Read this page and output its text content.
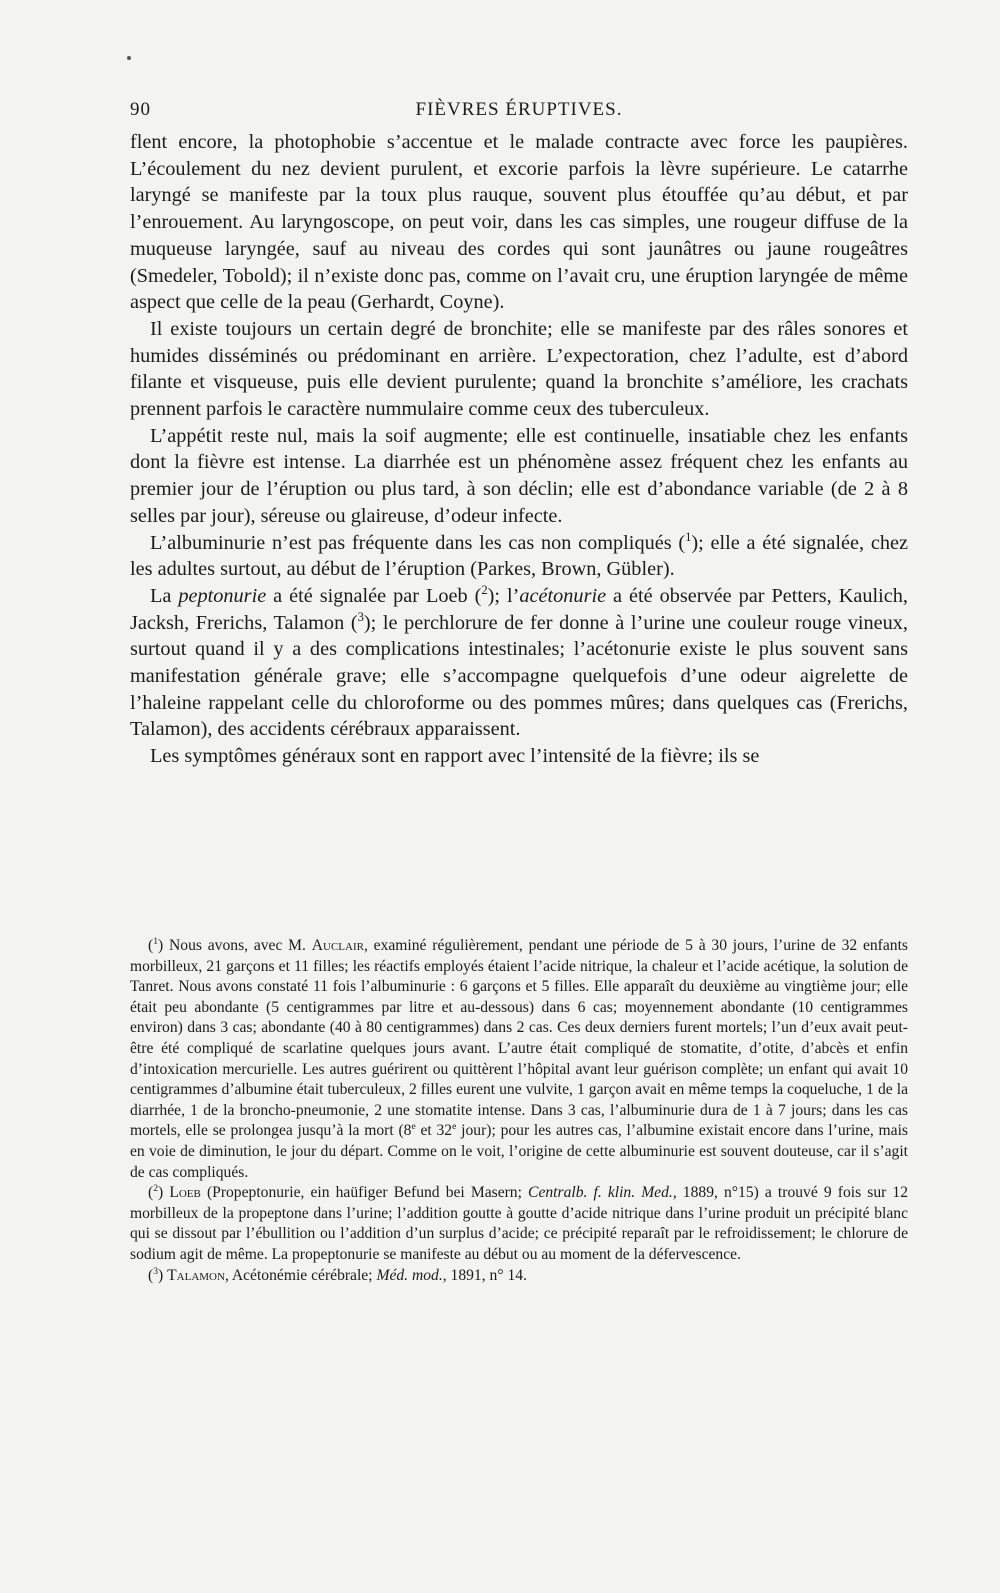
90	FIÈVRES ÉRUPTIVES.

flent encore, la photophobie s’accentue et le malade contracte avec force les paupières. L’écoulement du nez devient purulent, et excorie parfois la lèvre supérieure. Le catarrhe laryngé se manifeste par la toux plus rauque, souvent plus étouffée qu’au début, et par l’enrouement. Au laryngoscope, on peut voir, dans les cas simples, une rougeur diffuse de la muqueuse laryngée, sauf au niveau des cordes qui sont jaunâtres ou jaune rougeâtres (Smedeler, Tobold); il n’existe donc pas, comme on l’avait cru, une éruption laryngée de même aspect que celle de la peau (Gerhardt, Coyne).

Il existe toujours un certain degré de bronchite; elle se manifeste par des râles sonores et humides disséminés ou prédominant en arrière. L’expectoration, chez l’adulte, est d’abord filante et visqueuse, puis elle devient purulente; quand la bronchite s’améliore, les crachats prennent parfois le caractère nummulaire comme ceux des tuberculeux.

L’appétit reste nul, mais la soif augmente; elle est continuelle, insatiable chez les enfants dont la fièvre est intense. La diarrhée est un phénomène assez fréquent chez les enfants au premier jour de l’éruption ou plus tard, à son déclin; elle est d’abondance variable (de 2 à 8 selles par jour), séreuse ou glaireuse, d’odeur infecte.

L’albuminurie n’est pas fréquente dans les cas non compliqués ($^1$); elle a été signalée, chez les adultes surtout, au début de l’éruption (Parkes, Brown, Gübler).

La peptonurie a été signalée par Loeb ($^2$); l’acétonurie a été observée par Petters, Kaulich, Jacksh, Frerichs, Talamon ($^3$); le perchlorure de fer donne à l’urine une couleur rouge vineux, surtout quand il y a des complications intestinales; l’acétonurie existe le plus souvent sans manifestation générale grave; elle s’accompagne quelquefois d’une odeur aigrelette de l’haleine rappelant celle du chloroforme ou des pommes mûres; dans quelques cas (Frerichs, Talamon), des accidents cérébraux apparaissent.

Les symptômes généraux sont en rapport avec l’intensité de la fièvre; ils se

($^1$) Nous avons, avec M. Auclair, examiné régulièrement, pendant une période de 5 à 30 jours, l’urine de 32 enfants morbilleux, 21 garçons et 11 filles; les réactifs employés étaient l’acide nitrique, la chaleur et l’acide acétique, la solution de Tanret. Nous avons constaté 11 fois l’albuminurie : 6 garçons et 5 filles. Elle apparaît du deuxième au vingtième jour; elle était peu abondante (5 centigrammes par litre et au-dessous) dans 6 cas; moyennement abondante (10 centigrammes environ) dans 3 cas; abondante (40 à 80 centigrammes) dans 2 cas. Ces deux derniers furent mortels; l’un d’eux avait peut-être été compliqué de scarlatine quelques jours avant. L’autre était compliqué de stomatite, d’otite, d’abcès et enfin d’intoxication mercurielle. Les autres guérirent ou quittèrent l’hôpital avant leur guérison complète; un enfant qui avait 10 centigrammes d’albumine était tuberculeux, 2 filles eurent une vulvite, 1 garçon avait en même temps la coqueluche, 1 de la diarrhée, 1 de la broncho-pneumonie, 2 une stomatite intense. Dans 3 cas, l’albuminurie dura de 1 à 7 jours; dans les cas mortels, elle se prolongea jusqu’à la mort (8e et 32e jour); pour les autres cas, l’albumine existait encore dans l’urine, mais en voie de diminution, le jour du départ. Comme on le voit, l’origine de cette albuminurie est souvent douteuse, car il s’agit de cas compliqués.

($^2$) Loeb (Propeptonurie, ein haüfiger Befund bei Masern; Centralb. f. klin. Med., 1889, n°15) a trouvé 9 fois sur 12 morbilleux de la propeptone dans l’urine; l’addition goutte à goutte d’acide nitrique dans l’urine produit un précipité blanc qui se dissout par l’ébullition ou l’addition d’un surplus d’acide; ce précipité reparaît par le refroidissement; le chlorure de sodium agit de même. La propeptonurie se manifeste au début ou au moment de la défervescence.

($^3$) Talamon, Acétonémie cérébrale; Méd. mod., 1891, n° 14.
